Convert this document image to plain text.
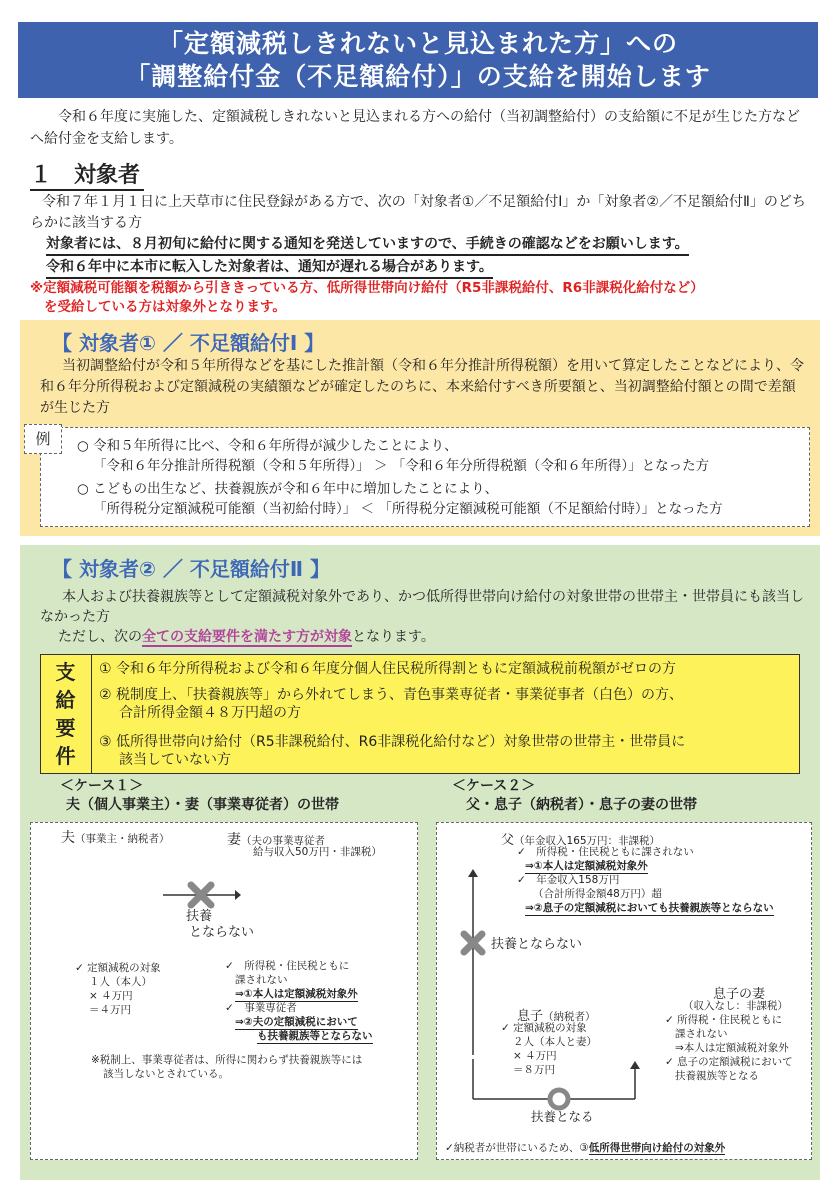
「定額減税しきれないと見込まれた方」への
「調整給付金（不足額給付）」の支給を開始します
令和６年度に実施した、定額減税しきれないと見込まれる方への給付（当初調整給付）の支給額に不足が生じた方などへ給付金を支給します。
１　対象者
令和７年１月１日に上天草市に住民登録がある方で、次の「対象者①／不足額給付Ⅰ」か「対象者②／不足額給付Ⅱ」のどちらかに該当する方
対象者には、８月初旬に給付に関する通知を発送していますので、手続きの確認などをお願いします。
令和６年中に本市に転入した対象者は、通知が遅れる場合があります。
※定額減税可能額を税額から引ききっている方、低所得世帯向け給付（R5非課税給付、R6非課税化給付など）
を受給している方は対象外となります。
【 対象者① ／ 不足額給付Ⅰ 】
当初調整給付が令和５年所得などを基にした推計額（令和６年分推計所得税額）を用いて算定したことなどにより、令和６年分所得税および定額減税の実績額などが確定したのちに、本来給付すべき所要額と、当初調整給付額との間で差額が生じた方
○ 令和５年所得に比べ、令和６年所得が減少したことにより、
「令和６年分推計所得税額（令和５年所得）」 ＞ 「令和６年分所得税額（令和６年所得）」となった方
○ こどもの出生など、扶養親族が令和６年中に増加したことにより、
「所得税分定額減税可能額（当初給付時）」 ＜ 「所得税分定額減税可能額（不足額給付時）」となった方
例
【 対象者② ／ 不足額給付Ⅱ 】
本人および扶養親族等として定額減税対象外であり、かつ低所得世帯向け給付の対象世帯の世帯主・世帯員にも該当しなかった方
ただし、次の全ての支給要件を満たす方が対象となります。
① 令和６年分所得税および令和６年度分個人住民税所得割ともに定額減税前税額がゼロの方
② 税制度上、「扶養親族等」から外れてしまう、青色事業専従者・事業従事者（白色）の方、
合計所得金額４８万円超の方
③ 低所得世帯向け給付（R5非課税給付、R6非課税化給付など）対象世帯の世帯主・世帯員に
該当していない方
支
給
要
件
＜ケース１＞
夫（個人事業主）・妻（事業専従者）の世帯
夫（事業主・納税者）	妻（夫の事業専従者
給与収入50万円・非課税）
扶養
とならない
✓ 定額減税の対象
１人（本人）
× ４万円
＝４万円
✓　所得税・住民税ともに
課されない
⇒①本人は定額減税対象外
✓　事業専従者
⇒②夫の定額減税において
も扶養親族等とならない
※税制上、事業専従者は、所得に関わらず扶養親族等には
該当しないとされている。
＜ケース２＞
父・息子（納税者）・息子の妻の世帯
父（年金収入165万円：非課税）
✓　所得税・住民税ともに課されない
⇒①本人は定額減税対象外
✓　年金収入158万円
（合計所得金額48万円）超
⇒②息子の定額減税においても扶養親族等とならない
扶養とならない
息子（納税者）
✓ 定額減税の対象
２人（本人と妻）
× ４万円
＝８万円
息子の妻
（収入なし：非課税）
✓ 所得税・住民税ともに
課されない
⇒本人は定額減税対象外
✓ 息子の定額減税において
扶養親族等となる
扶養となる
✓納税者が世帯にいるため、③低所得世帯向け給付の対象外
